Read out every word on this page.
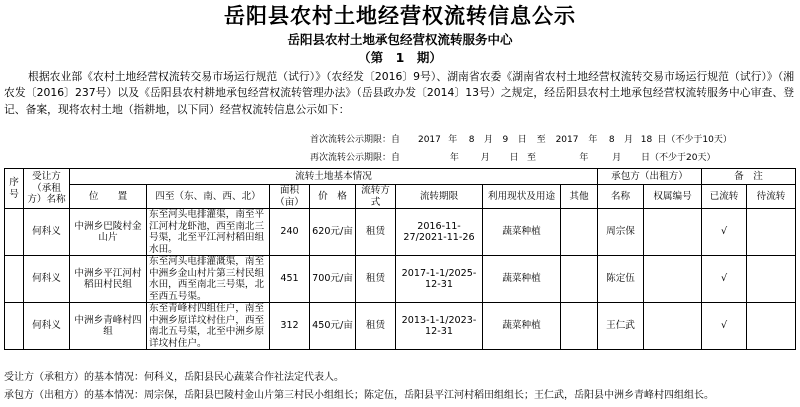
岳阳县农村土地经营权流转信息公示
岳阳县农村土地承包经营权流转服务中心
（第　1　期）
根据农业部《农村土地经营权流转交易市场运行规范（试行）》（农经发〔2016〕9号）、湖南省农委《湖南省农村土地经营权流转交易市场运行规范（试行）》（湘农发〔2016〕237号）以及《岳阳县农村耕地承包经营权流转管理办法》（岳县政办发〔2014〕13号）之规定，经岳阳县农村土地承包经营权流转服务中心审查、登记、备案，现将农村土地（指耕地，以下同）经营权流转信息公示如下：
首次流转公示期限：自 2017 年 8 月 9 日 至 2017 年 8 月 18 日（不少于10天）
再次流转公示期限：自	年 月 日 至	年	月 日（不少于20天）
序号	受让方（承租方）名称	流转土地基本情况								承包方（出租方）		备　注	
		位　　置	四至（东、南、西、北）	面积（亩）	价　格	流转方式	流转期限	利用现状及用途	其他	名称	权属编号	已流转	待流转
	何科义	中洲乡巴陵村金山片	东至河头电排灌渠，南至平江河村龙虾池，西至南北三号渠，北至平江河村稻田组水田。	240	620元/亩	租赁	2016-11-27/2021-11-26	蔬菜种植		周宗保		√	
	何科义	中洲乡平江河村稻田村民组	东至河头电排灌溉渠，南至中洲乡金山村片第三村民组水田，西至南北三号渠，北至西五号渠。	451	700元/亩	租赁	2017-1-1/2025-12-31	蔬菜种植		陈定伍		√	
	何科义	中洲乡青峰村四组	东至青峰村四组住户，南至中洲乡原详坟村住户，西至南北五号渠，北至中洲乡原详坟村住户。	312	450元/亩	租赁	2013-1-1/2023-12-31	蔬菜种植		王仁武		√	
受让方（承租方）的基本情况：何科义，岳阳县民心蔬菜合作社法定代表人。
承包方（出租方）的基本情况：周宗保，岳阳县巴陵村金山片第三村民小组组长；陈定伍，岳阳县平江河村稻田组组长；王仁武，岳阳县中洲乡青峰村四组组长。
